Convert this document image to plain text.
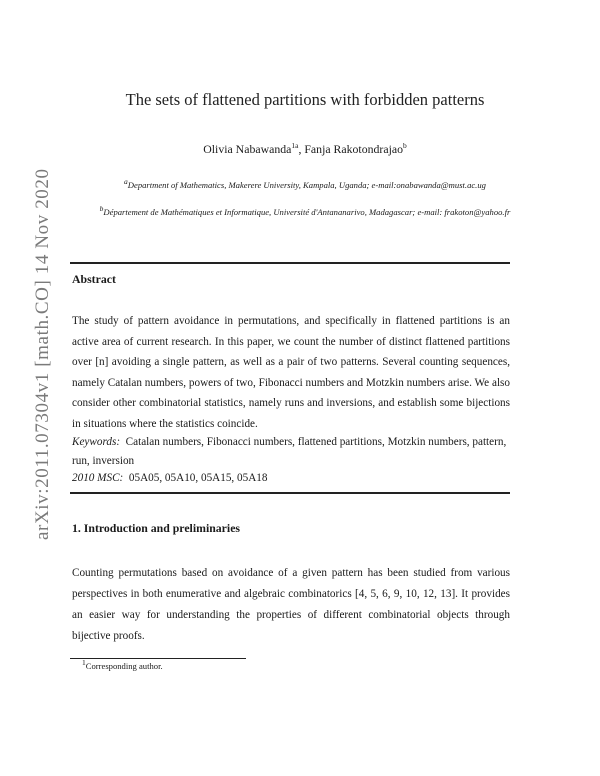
arXiv:2011.07304v1 [math.CO] 14 Nov 2020
The sets of flattened partitions with forbidden patterns
Olivia Nabawanda$^{1a}$, Fanja Rakotondrajao$^b$
$^a$Department of Mathematics, Makerere University, Kampala, Uganda; e-mail:onabawanda@must.ac.ug
$^b$Département de Mathématiques et Informatique, Université d'Antananarivo, Madagascar; e-mail: frakoton@yahoo.fr
Abstract
The study of pattern avoidance in permutations, and specifically in flattened partitions is an active area of current research. In this paper, we count the number of distinct flattened partitions over [n] avoiding a single pattern, as well as a pair of two patterns. Several counting sequences, namely Catalan numbers, powers of two, Fibonacci numbers and Motzkin numbers arise. We also consider other combinatorial statistics, namely runs and inversions, and establish some bijections in situations where the statistics coincide.
Keywords: Catalan numbers, Fibonacci numbers, flattened partitions, Motzkin numbers, pattern, run, inversion
2010 MSC: 05A05, 05A10, 05A15, 05A18
1. Introduction and preliminaries
Counting permutations based on avoidance of a given pattern has been studied from various perspectives in both enumerative and algebraic combinatorics [4, 5, 6, 9, 10, 12, 13]. It provides an easier way for understanding the properties of different combinatorial objects through bijective proofs.
$^1$Corresponding author.
